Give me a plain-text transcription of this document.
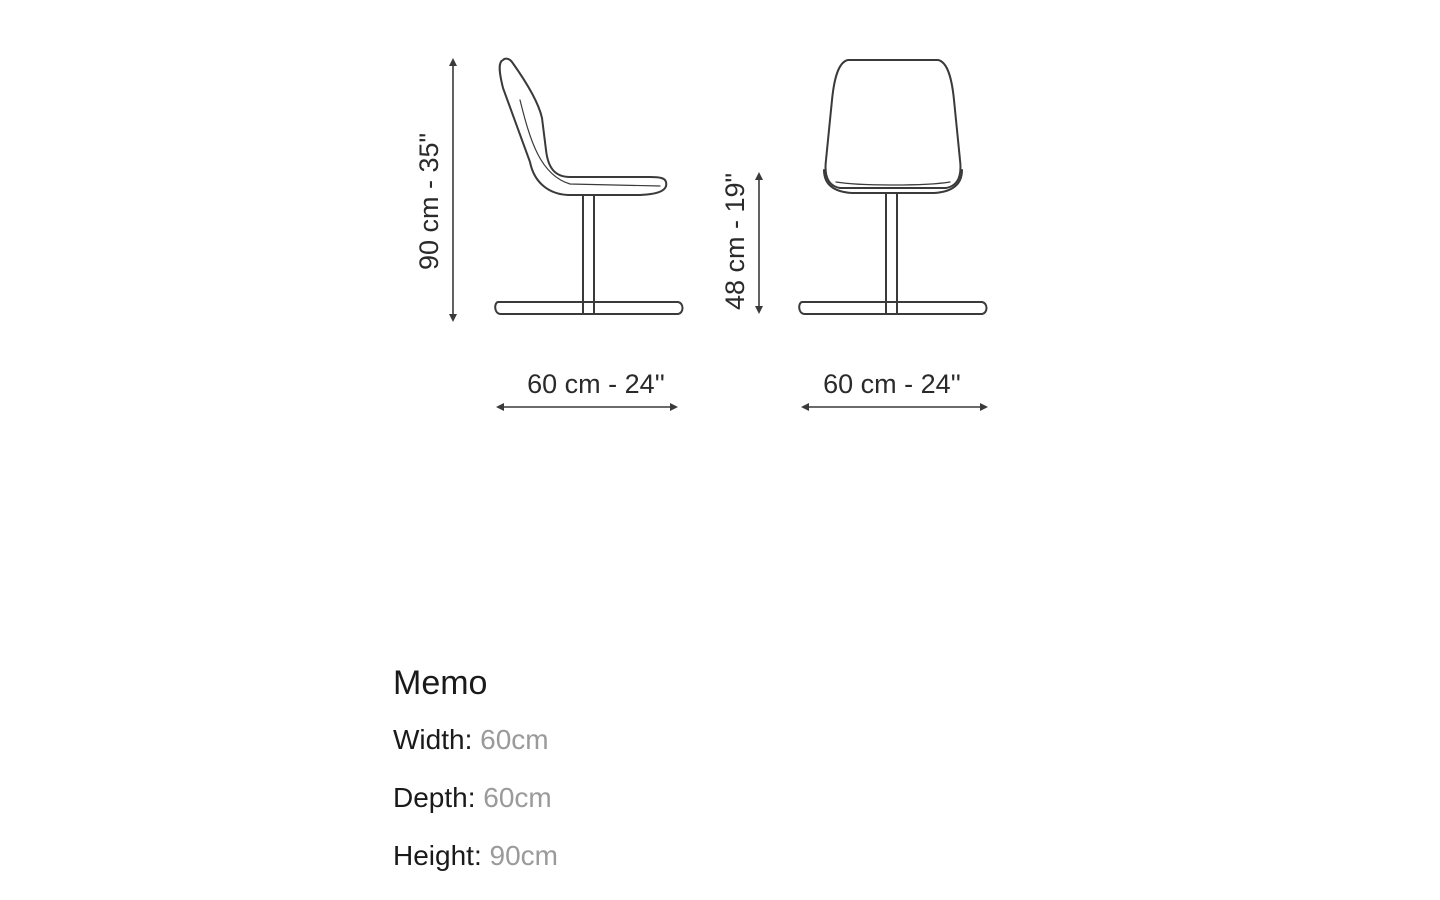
90 cm - 35"	48 cm - 19"
60 cm - 24''	60 cm - 24''
Memo
Width: 60cm
Depth: 60cm
Height: 90cm
